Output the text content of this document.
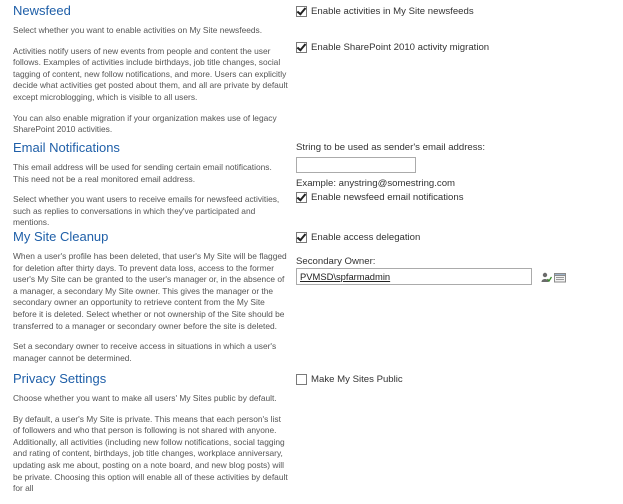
Newsfeed

Select whether you want to enable activities on My Site newsfeeds.

Activities notify users of new events from people and content the user follows. Examples of activities include birthdays, job title changes, social tagging of content, new follow notifications, and more. Users can explicitly decide what activities get posted about them, and all are private by default except microblogging, which is visible to all users.

You can also enable migration if your organization makes use of legacy SharePoint 2010 activities.

Enable activities in My Site newsfeeds
Enable SharePoint 2010 activity migration
Email Notifications

This email address will be used for sending certain email notifications. This need not be a real monitored email address.

Select whether you want users to receive emails for newsfeed activities, such as replies to conversations in which they've participated and mentions.

String to be used as sender's email address:
Example: anystring@somestring.com
Enable newsfeed email notifications
My Site Cleanup

When a user's profile has been deleted, that user's My Site will be flagged for deletion after thirty days. To prevent data loss, access to the former user's My Site can be granted to the user's manager or, in the absence of a manager, a secondary My Site owner. This gives the manager or the secondary owner an opportunity to retrieve content from the My Site before it is deleted. Select whether or not ownership of the Site should be transferred to a manager or secondary owner before the site is deleted.

Set a secondary owner to receive access in situations in which a user's manager cannot be determined.

Enable access delegation
Secondary Owner:
PVMSD\spfarmadmin
Privacy Settings

Choose whether you want to make all users' My Sites public by default.

By default, a user's My Site is private. This means that each person's list of followers and who that person is following is not shared with anyone. Additionally, all activities (including new follow notifications, social tagging and rating of content, birthdays, job title changes, workplace anniversary, updating ask me about, posting on a note board, and new blog posts) will be private. Choosing this option will enable all of these activities by default for all

Make My Sites Public
